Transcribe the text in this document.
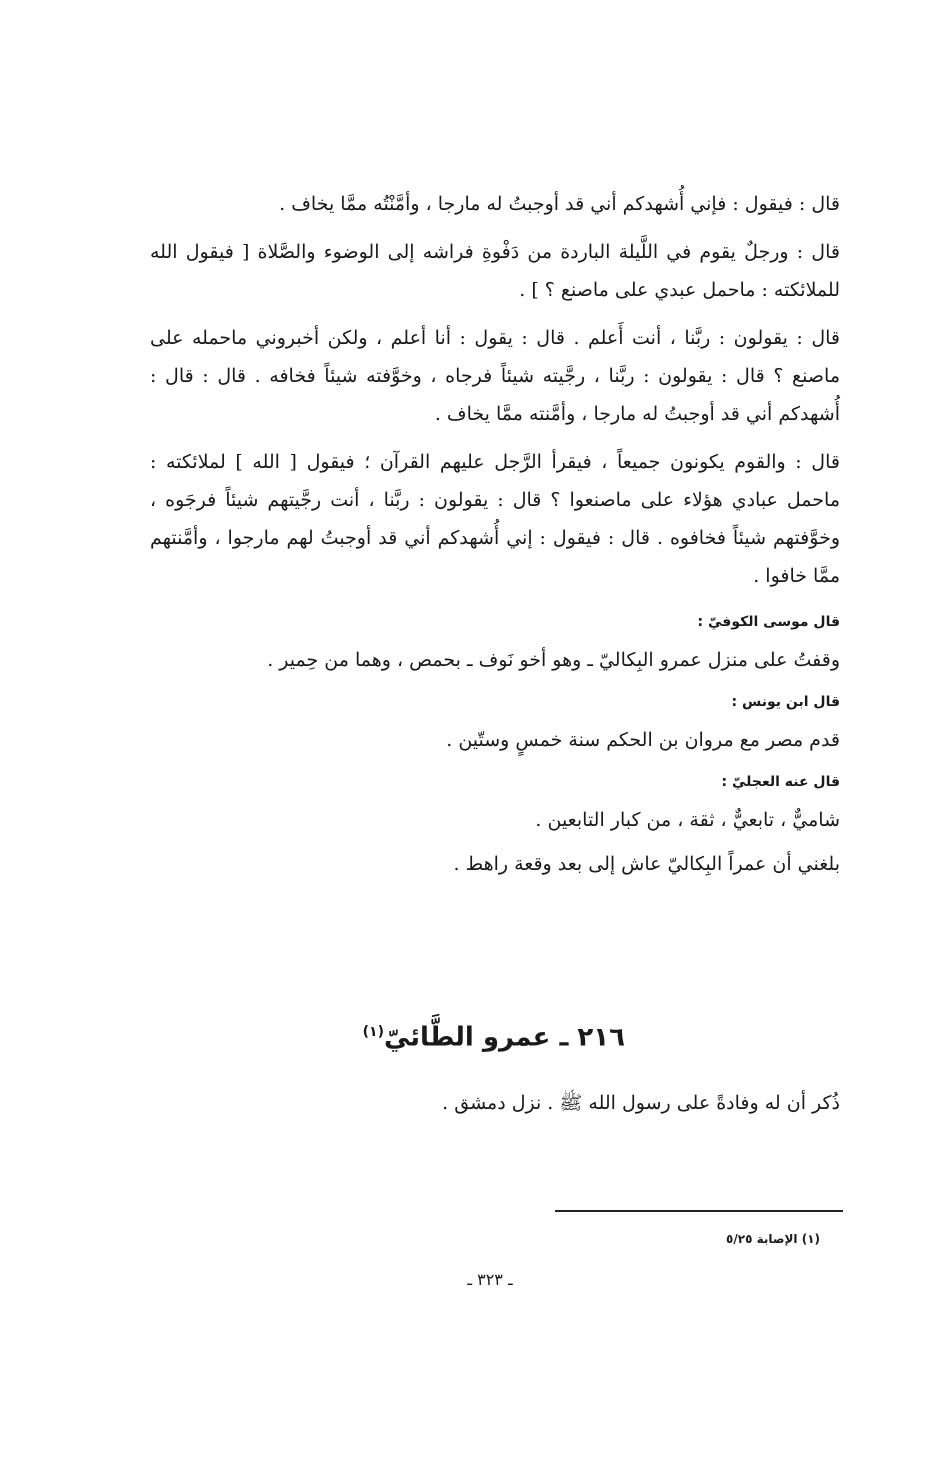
قال : فيقول : فإني أُشهدكم أني قد أوجبتُ له مارجا ، وأمَّنْتُه ممَّا يخاف .
قال : ورجلٌ يقوم في اللَّيلة الباردة من دَفْوةِ فراشه إلى الوضوء والصَّلاة [ فيقول الله للملائكته : ماحمل عبدي على ماصنع ؟ ] .
قال : يقولون : ربَّنا ، أنت أَعلم . قال : يقول : أنا أعلم ، ولكن أخبروني ماحمله على ماصنع ؟ قال : يقولون : ربَّنا ، رجَّيته شيئاً فرجاه ، وخوَّفته شيئاً فخافه . قال : قال : أُشهدكم أني قد أوجبتُ له مارجا ، وأمَّنته ممَّا يخاف .
قال : والقوم يكونون جميعاً ، فيقرأ الرَّجل عليهم القرآن ؛ فيقول [ الله ] لملائكته : ماحمل عبادي هؤلاء على ماصنعوا ؟ قال : يقولون : ربَّنا ، أنت رجَّيتهم شيئاً فرجَوه ، وخوَّفتهم شيئاً فخافوه . قال : فيقول : إني أُشهدكم أني قد أوجبتُ لهم مارجوا ، وأمَّنتهم ممَّا خافوا .
قال موسى الكوفيّ :
وقفتُ على منزل عمرو البِكاليّ ـ وهو أخو نَوف ـ بحمص ، وهما من حِمير .
قال ابن يونس :
قدم مصر مع مروان بن الحكم سنة خمسٍ وستّين .
قال عنه العجليّ :
شاميٌّ ، تابعيٌّ ، ثقة ، من كبار التابعين .
بلغني أن عمراً البِكاليّ عاش إلى بعد وقعة راهط .
٢١٦ ـ عمرو الطَّائيّ$^{(١)}$
ذُكر أن له وفادةً على رسول الله ﷺ . نزل دمشق .
(١) الإصابة ٥/٢٥
ـ ٣٢٣ ـ
